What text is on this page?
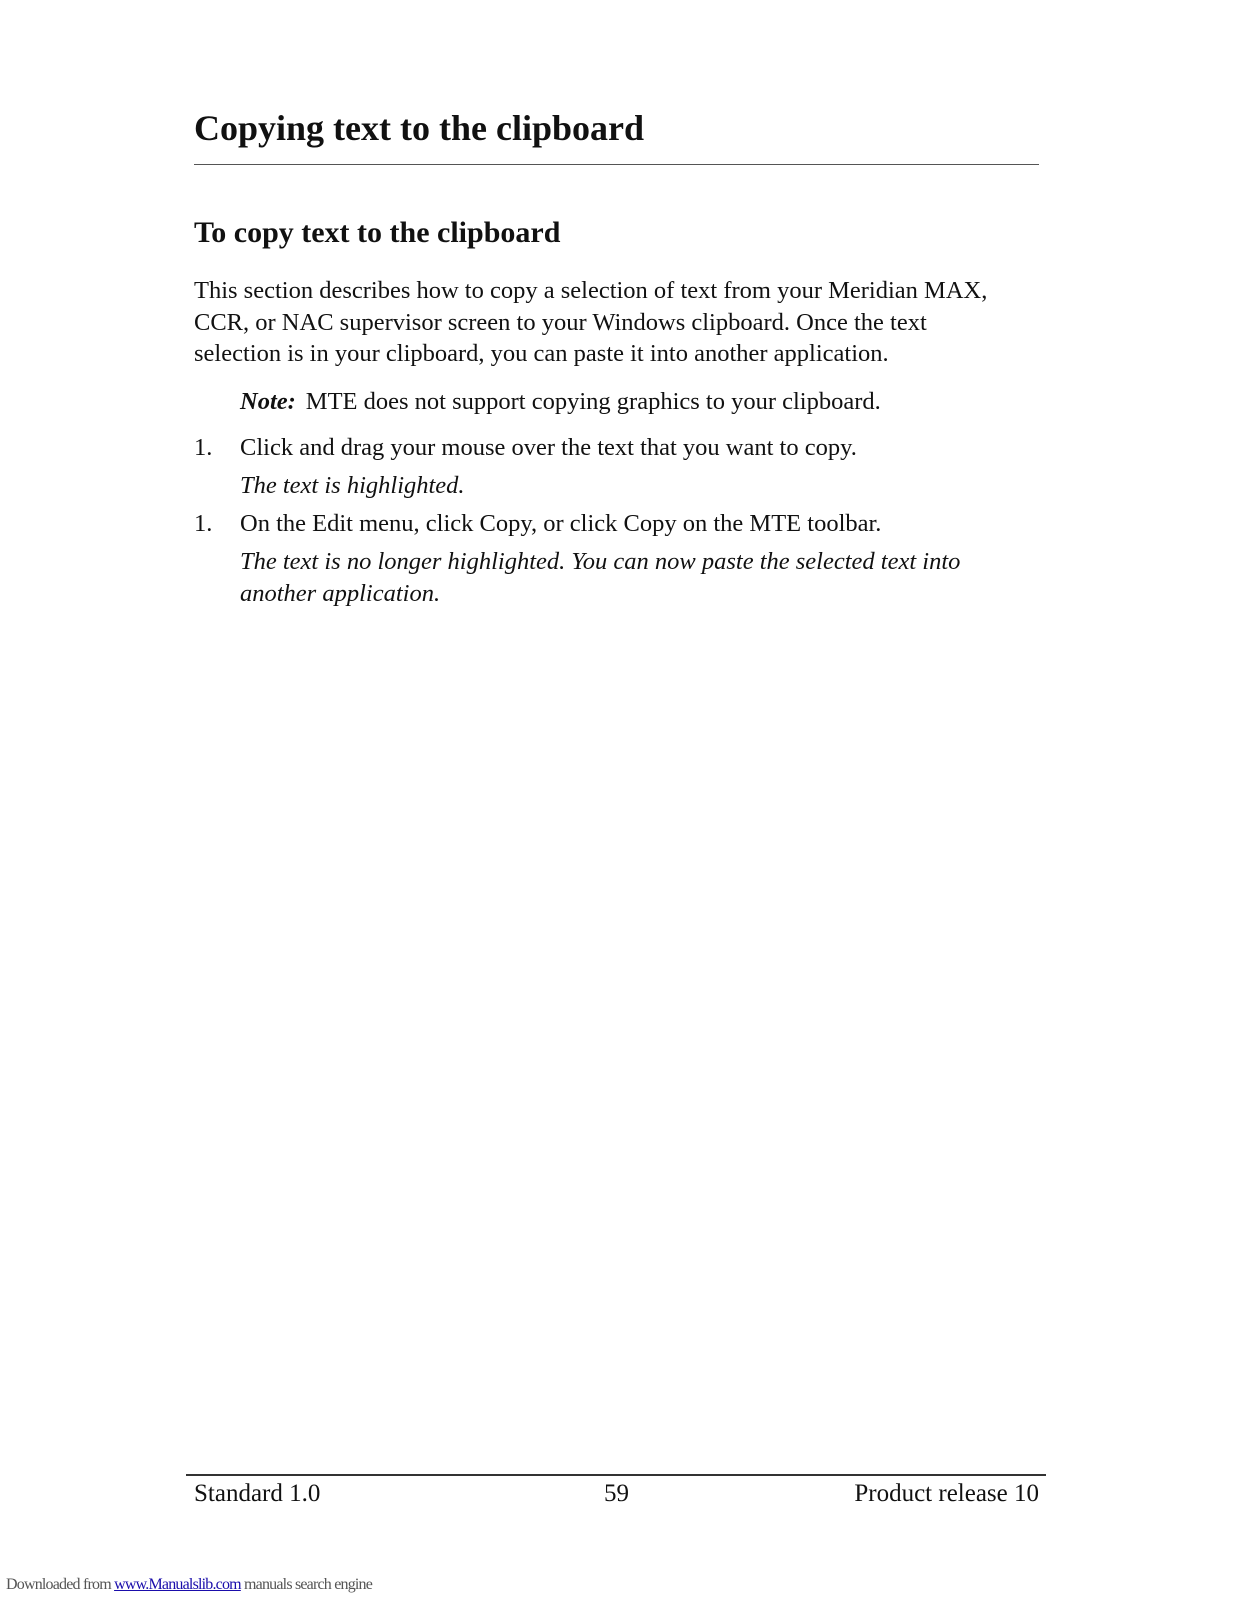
Copying text to the clipboard
To copy text to the clipboard

This section describes how to copy a selection of text from your Meridian MAX,
CCR, or NAC supervisor screen to your Windows clipboard. Once the text
selection is in your clipboard, you can paste it into another application.

Note: MTE does not support copying graphics to your clipboard.

1. Click and drag your mouse over the text that you want to copy.

The text is highlighted.

1. On the Edit menu, click Copy, or click Copy on the MTE toolbar.

The text is no longer highlighted. You can now paste the selected text into
another application.

Standard 1.0	59	Product release 10
Downloaded from www.Manualslib.com manuals search engine
